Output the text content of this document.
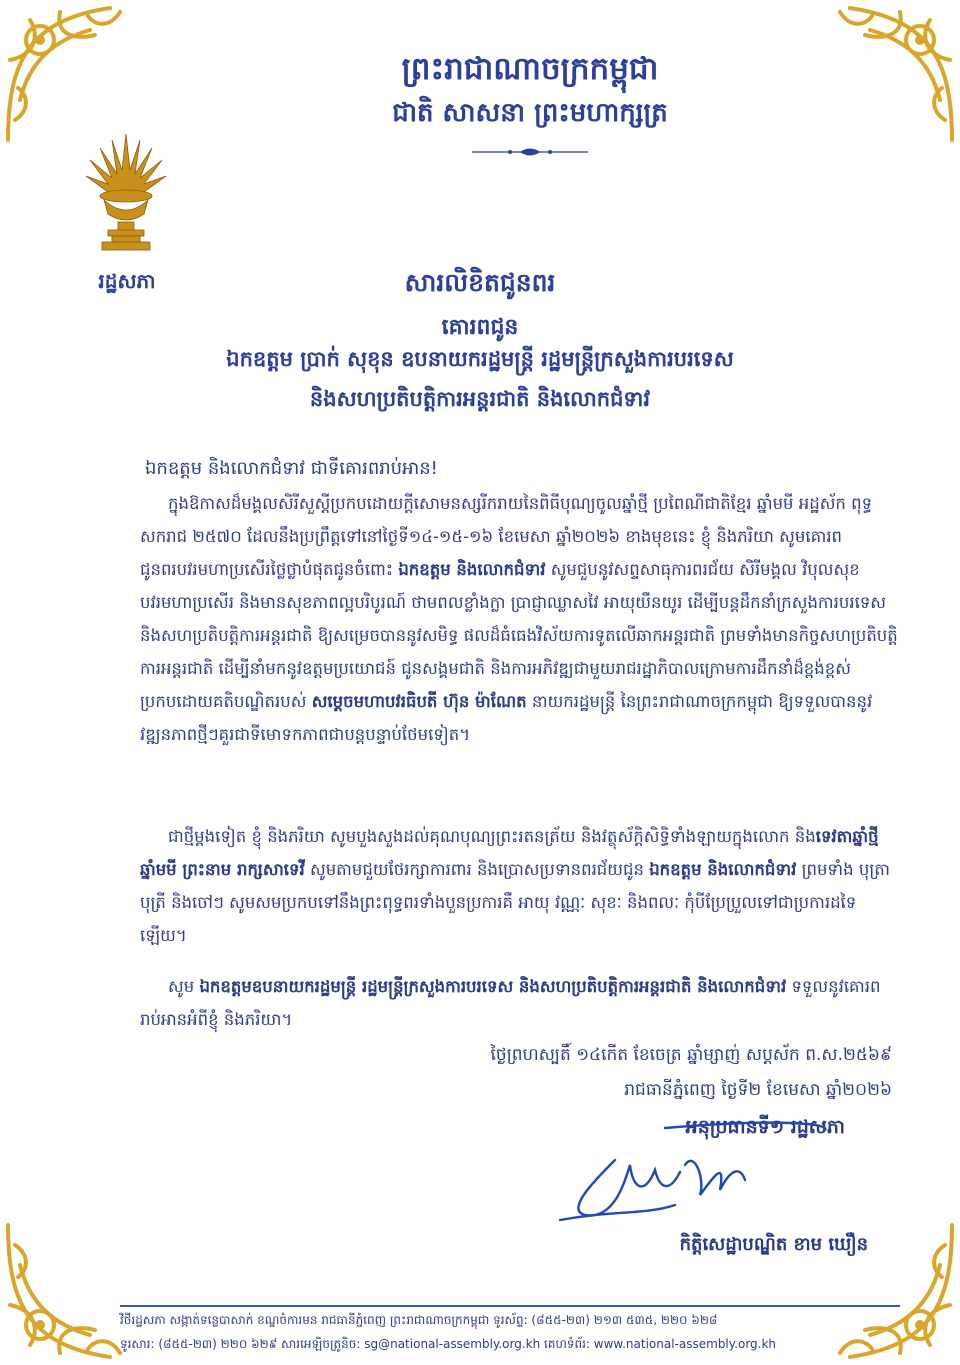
ព្រះរាជាណាចក្រកម្ពុជា
ជាតិ សាសនា ព្រះមហាក្សត្រ
រដ្ឋសភា	សារលិខិតជូនពរ
គោរពជូន
ឯកឧត្តម ប្រាក់ សុខុន ឧបនាយករដ្ឋមន្ត្រី រដ្ឋមន្ត្រីក្រសួងការបរទេស
និងសហប្រតិបត្តិការអន្តរជាតិ និងលោកជំទាវ
ឯកឧត្តម និងលោកជំទាវ ជាទីគោរពរាប់អាន!
ក្នុងឱកាសដ៏មង្គលសិរីសួស្តីប្រកបដោយក្តីសោមនស្សរីករាយនៃពិធីបុណ្យចូលឆ្នាំថ្មី ប្រពៃណីជាតិខ្មែរ ឆ្នាំមមី អដ្ឋស័ក ពុទ្ធសករាជ ២៥៧០ ដែលនឹងប្រព្រឹត្តទៅនៅថ្ងៃទី១៤-១៥-១៦ ខែមេសា ឆ្នាំ២០២៦ ខាងមុខនេះ ខ្ញុំ និងភរិយា សូមគោរពជូនពរបវរមហាប្រសើរថ្លៃថ្លាបំផុតជូនចំពោះ ឯកឧត្តម និងលោកជំទាវ សូមជួបនូវសព្ទសាធុការពរជ័យ សិរីមង្គល វិបុលសុខ បវរមហាប្រសើរ និងមានសុខភាពល្អបរិបូរណ៍ ថាមពលខ្លាំងក្លា ប្រាជ្ញាឈ្លាសវៃ អាយុយឺនយូរ ដើម្បីបន្តដឹកនាំក្រសួងការបរទេស និងសហប្រតិបត្តិការអន្តរជាតិ ឱ្យសម្រេចបាននូវសមិទ្ធ ផលដ៏ធំធេងវិស័យការទូតលើឆាកអន្តរជាតិ ព្រមទាំងមានកិច្ចសហប្រតិបត្តិការអន្តរជាតិ ដើម្បីនាំមកនូវឧត្តមប្រយោជន៍ ជូនសង្គមជាតិ និងការអភិវឌ្ឍជាមួយរាជរដ្ឋាភិបាលក្រោមការដឹកនាំដ៏ខ្ពង់ខ្ពស់ប្រកបដោយគតិបណ្ឌិតរបស់ សម្តេចមហាបវរធិបតី ហ៊ុន ម៉ាណែត នាយករដ្ឋមន្ត្រី នៃព្រះរាជាណាចក្រកម្ពុជា ឱ្យទទួលបាននូវវឌ្ឍនភាពថ្មីៗគួរជាទីមោទកភាពជាបន្តបន្ទាប់ថែមទៀត។
ជាថ្មីម្តងទៀត ខ្ញុំ និងភរិយា សូមបួងសួងដល់គុណបុណ្យព្រះរតនត្រ័យ និងវត្ថុស័ក្តិសិទ្ធិទាំងឡាយក្នុងលោក និងទេវតាឆ្នាំថ្មី ឆ្នាំមមី ព្រះនាម រាក្សសាទេវី សូមតាមជួយថែរក្សាការពារ និងប្រោសប្រទានពរជ័យជូន ឯកឧត្តម និងលោកជំទាវ ព្រមទាំង បុត្រា បុត្រី និងចៅៗ សូមសមប្រកបទៅនឹងព្រះពុទ្ធពរទាំងបួនប្រការគឺ អាយុ វណ្ណៈ សុខៈ និងពលៈ កុំបីប្រែប្រួលទៅជាប្រការដទៃឡើយ។
សូម ឯកឧត្តមឧបនាយករដ្ឋមន្ត្រី រដ្ឋមន្ត្រីក្រសួងការបរទេស និងសហប្រតិបត្តិការអន្តរជាតិ និងលោកជំទាវ ទទួលនូវគោរពរាប់អានអំពីខ្ញុំ និងភរិយា។
ថ្ងៃព្រហស្បតិ៍ ១៤កើត ខែចេត្រ ឆ្នាំម្សាញ់ សប្តស័ក ព.ស.២៥៦៩
រាជធានីភ្នំពេញ ថ្ងៃទី២ ខែមេសា ឆ្នាំ២០២៦
អនុប្រធានទី១ រដ្ឋសភា
កិត្តិសេដ្ឋាបណ្ឌិត ខាម ឃឿន
វិថីរដ្ឋសភា សង្កាត់ទន្លេបាសាក់ ខណ្ឌចំការមន រាជធានីភ្នំពេញ ព្រះរាជាណាចក្រកម្ពុជា ទូរស័ព្ទ: (៨៥៥-២៣) ២១៣ ៥៣៥, ២២០ ៦២៨
ទូរសារ: (៨៥៥-២៣) ២២០ ៦២៩ សារអេឡិចត្រូនិច: sg@national-assembly.org.kh គេហទំព័រ: www.national-assembly.org.kh
